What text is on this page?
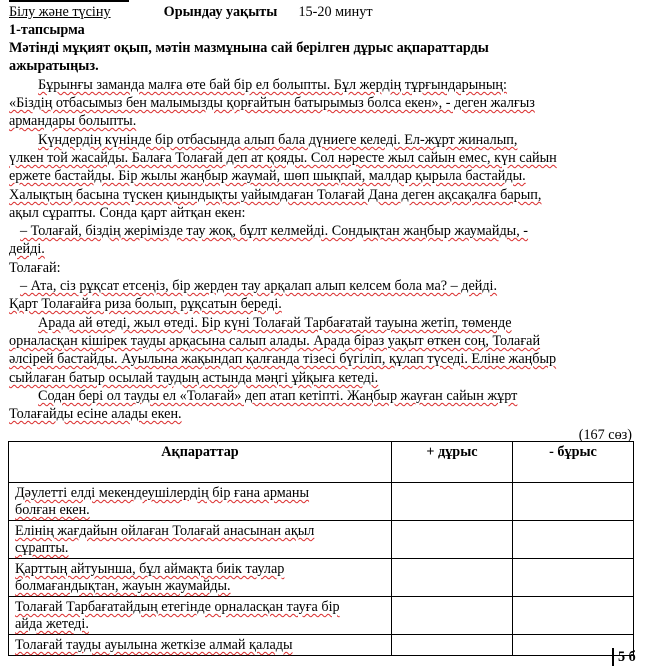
Білу және түсіну	Орындау уақыты 15-20 минут
1-тапсырма
Мәтінді мұқият оқып, мәтін мазмұнына сай берілген дұрыс ақпараттарды
ажыратыңыз.
Бұрынғы заманда малға өте бай бір ел болыпты. Бұл жердің тұрғындарының:
«Біздің отбасымыз бен малымызды қорғайтын батырымыз болса екен», - деген жалғыз
армандары болыпты.
Күндердің күнінде бір отбасында алып бала дүниеге келеді. Ел-жұрт жиналып,
үлкен той жасайды. Балаға Толағай деп ат қояды. Сол нәресте жыл сайын емес, күн сайын
ержете бастайды. Бір жылы жаңбыр жаумай, шөп шықпай, малдар қырыла бастайды.
Халықтың басына түскен қиындықты уайымдаған Толағай Дана деген ақсақалға барып,
ақыл сұрапты. Сонда қарт айтқан екен:
– Толағай, біздің жерімізде тау жоқ, бұлт келмейді. Сондықтан жаңбыр жаумайды, -
дейді.
Толағай:
– Ата, сіз рұқсат етсеңіз, бір жерден тау арқалап алып келсем бола ма? – дейді.
Қарт Толағайға риза болып, рұқсатын береді.
Арада ай өтеді, жыл өтеді. Бір күні Толағай Тарбағатай тауына жетіп, төменде
орналасқан кішірек тауды арқасына салып алады. Арада біраз уақыт өткен соң, Толағай
әлсірей бастайды. Ауылына жақындап қалғанда тізесі бүгіліп, құлап түседі. Еліне жаңбыр
сыйлаған батыр осылай таудың астында мәңгі ұйқыға кетеді.
Содан бері ол тауды ел «Толағай» деп атап кетіпті. Жаңбыр жауған сайын жұрт
Толағайды есіне алады екен.
(167 сөз)
Ақпараттар	+ дұрыс	- бұрыс

Дәулетті елді мекендеушілердің бір ғана арманы
болған екен.		

Елінің жағдайын ойлаған Толағай анасынан ақыл
сұрапты.		

Қарттың айтуынша, бұл аймақта биік таулар
болмағандықтан, жауын жаумайды.		

Толағай Тарбағатайдың етегінде орналасқан тауға бір
айда жетеді.		

Толағай тауды ауылына жеткізе алмай қалады		

5 б
